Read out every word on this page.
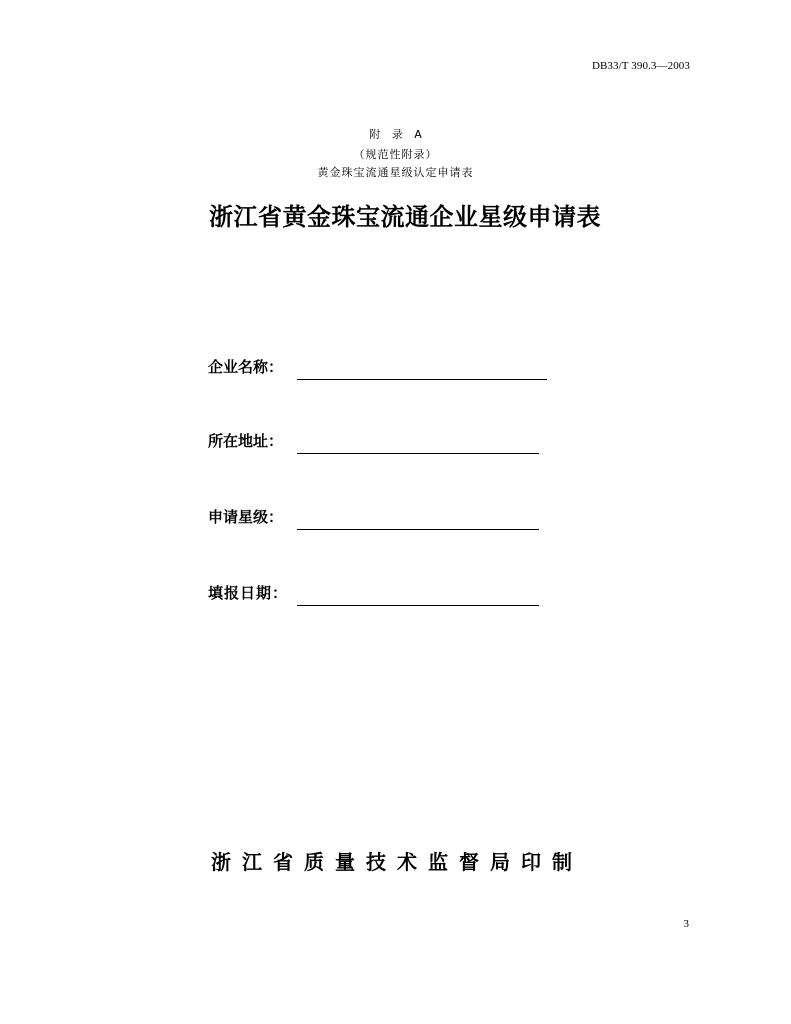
DB33/T 390.3—2003
附 录 A
（规范性附录）
黄金珠宝流通星级认定申请表
浙江省黄金珠宝流通企业星级申请表
企业名称：
所在地址：
申请星级：
填报日期：
浙江省质量技术监督局印制
3
